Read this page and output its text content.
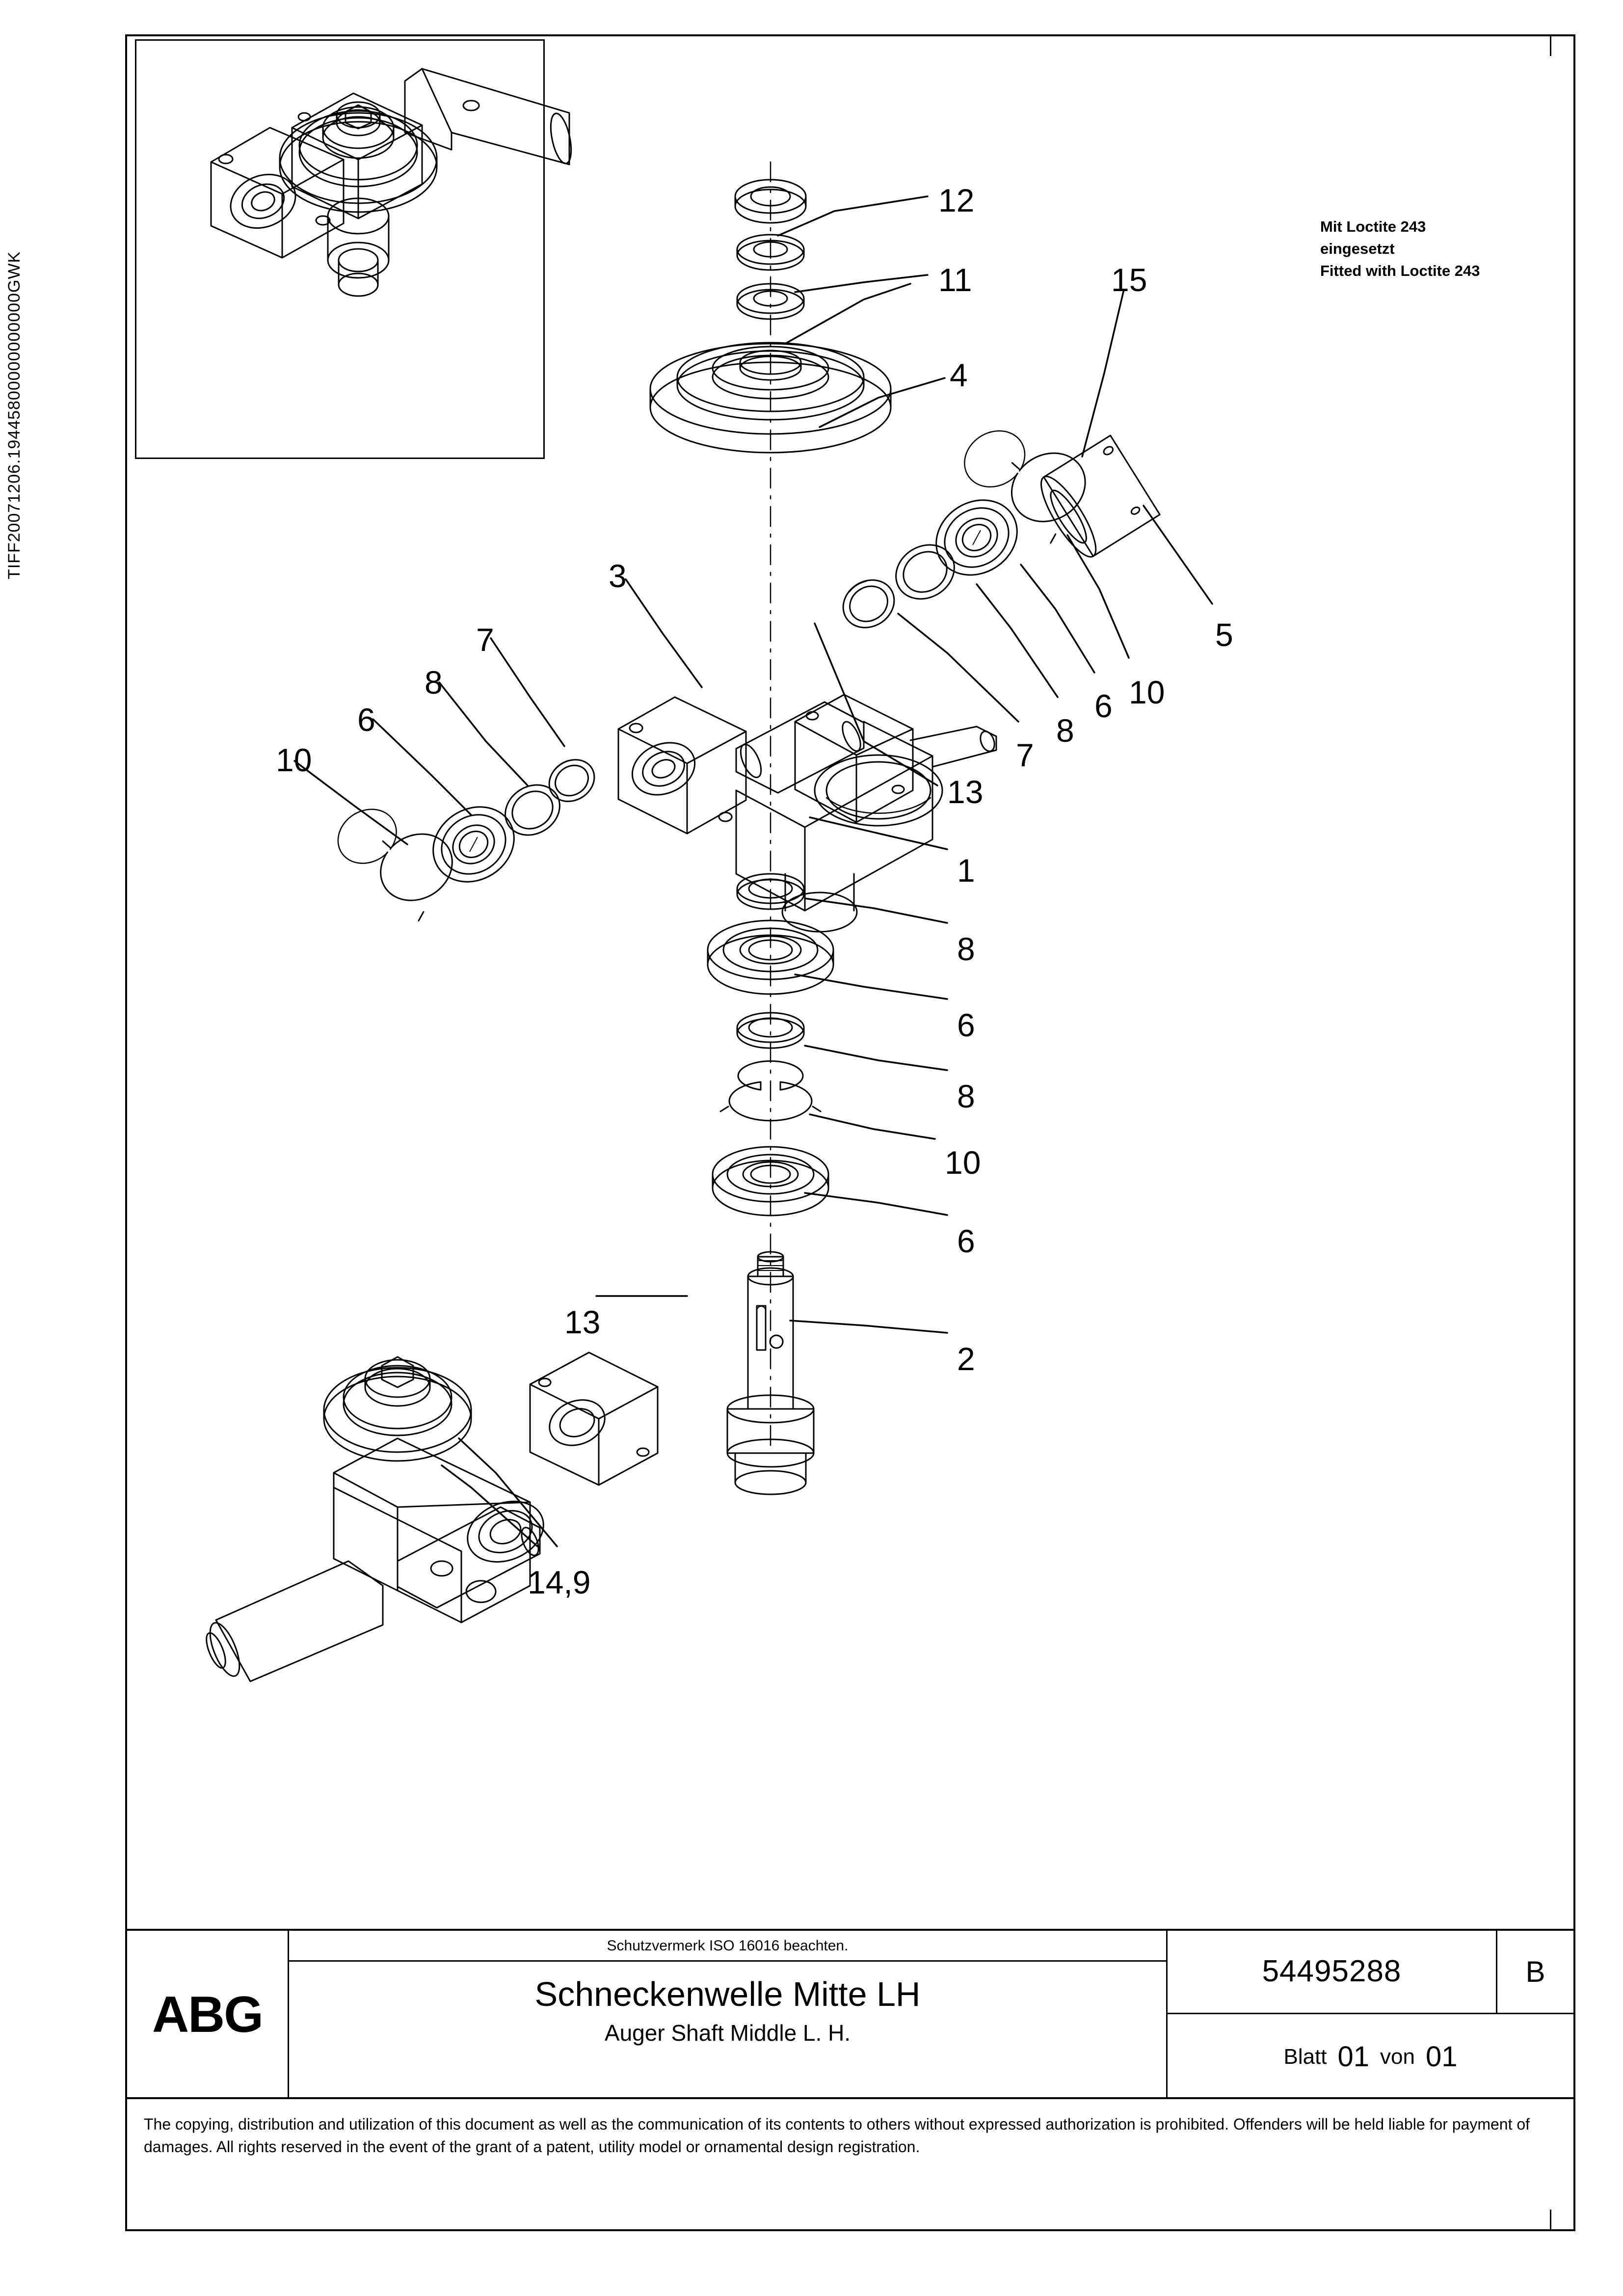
TIFF20071206.19445800000000000GWK
Mit Loctite 243
eingesetzt
Fitted with Loctite 243
12
11
4
15
5
10
6
8
7
3
7
8
6
10
13
1
8
6
8
10
6
13
2
14,9
ABG
Schutzvermerk ISO 16016 beachten.
Schneckenwelle Mitte LH
Auger Shaft Middle L. H.
54495288	B
Blatt 01 von 01
The copying, distribution and utilization of this document as well as the communication of its contents to others without expressed authorization is prohibited. Offenders will be held liable for payment of damages. All rights reserved in the event of the grant of a patent, utility model or ornamental design registration.
